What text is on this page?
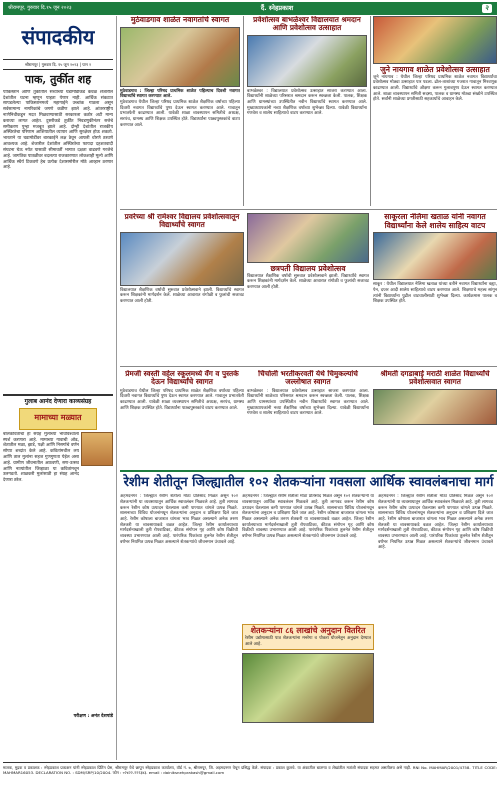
श्रीरामपूर, गुरुवार दि.१५ जून २०२३	दैं. स्नेहप्रकाश	२
संपादकीय
श्रीरामपूर | गुरुवार दि. १५ जून २०२३ | पान २
पाक, तुर्कीत शह
पाकिस्तान आणि तुर्कीतील सध्याच्या घडामोडींकडे केवळ शेजारील देशांतील घटना म्हणून पाहता येणार नाही. आर्थिक संकटात सापडलेल्या पाकिस्तानमध्ये महागाईने उच्चांक गाठला असून सर्वसामान्य नागरिकांचे जगणे कठीण झाले आहे. आंतरराष्ट्रीय नाणेनिधीकडून मदत मिळवण्यासाठी सरकारला कठोर अटी मान्य कराव्या लागत आहेत. दुसरीकडे तुर्कीत निवडणुकीनंतर सत्तेचे समीकरण पुन्हा मजबूत झाले आहे. दोन्ही देशांतील राजकीय अस्थिरतेचा परिणाम आशियातील व्यापार आणि सुरक्षेवर होऊ शकतो. भारताने या घडामोडींवर बारकाईने लक्ष ठेवून आपली धोरणे ठरवणे आवश्यक आहे. शेजारील देशांतील अस्थिरतेचा फायदा दहशतवादी संघटना घेऊ नयेत यासाठी सीमावर्ती भागात दक्षता वाढवणे गरजेचे आहे. जागतिक पातळीवर बदलत्या राजकारणात लोकशाही मूल्ये आणि आर्थिक स्थैर्य टिकवणे हेच प्रत्येक देशासमोरील मोठे आव्हान ठरणार आहे.
गुलाब आनंद देणारा काव्यसंग्रह
मामाच्या मळ्यात
बालकवितांचा हा संग्रह मुलांच्या भावविश्वाला स्पर्श करणारा आहे. मामाच्या गावाची ओढ, शेतातील मळा, झाडे, पक्षी आणि निसर्गाचे वर्णन सोप्या शब्दांत केले आहे. कवितांमधील लय आणि ताल मुलांना सहज गुणगुणता येईल असा आहे. ग्रामीण जीवनातील आठवणी, सण-उत्सव आणि नात्यांतील जिव्हाळा या कवितांमधून उलगडतो. शाळकरी मुलांसाठी हा संग्रह आनंद देणारा ठरेल.
परीक्षण : अनंत देशपांडे
मुठेवाडगाव शाळेत नवागतांचे स्वागत
मुठेवाडगाव : जिल्हा परिषद प्राथमिक शाळेत पहिल्याच दिवशी नवागत विद्यार्थ्यांचे स्वागत करण्यात आले.
मुठेवाडगाव येथील जिल्हा परिषद प्राथमिक शाळेत शैक्षणिक वर्षाच्या पहिल्या दिवशी नवागत विद्यार्थ्यांचे पुष्प देऊन स्वागत करण्यात आले. गावातून प्रभातफेरी काढण्यात आली. यावेळी शाळा व्यवस्थापन समितीचे अध्यक्ष, सरपंच, ग्रामस्थ आणि शिक्षक उपस्थित होते. विद्यार्थ्यांना पाठ्यपुस्तकांचे वाटप करण्यात आले.
प्रवेशोत्सव बाभळेश्वर विद्यालयात श्रमदान आणि प्रवेशोत्सव उत्साहात
बाभळेश्वर : विद्यालयात प्रवेशोत्सव उत्साहात साजरा करण्यात आला. विद्यार्थ्यांनी शाळेच्या परिसरात श्रमदान करून स्वच्छता केली. पालक, शिक्षक आणि ग्रामस्थांच्या उपस्थितीत नवीन विद्यार्थ्यांचे स्वागत करण्यात आले. मुख्याध्यापकांनी नव्या शैक्षणिक वर्षाच्या शुभेच्छा दिल्या. यावेळी विद्यार्थ्यांना गणवेश व शालेय साहित्याचे वाटप करण्यात आले.
जुने नायगाव शाळेत प्रवेशोत्सव उत्साहात
जुने नायगाव : येथील जिल्हा परिषद प्राथमिक शाळेत नवागत विद्यार्थ्यांचा प्रवेशोत्सव मोठ्या उत्साहात पार पडला. ढोल-ताशांच्या गजरात गावातून मिरवणूक काढण्यात आली. विद्यार्थ्यांचे औक्षण करून गुलाबपुष्प देऊन स्वागत करण्यात आले. शाळा व्यवस्थापन समिती सदस्य, पालक व ग्रामस्थ मोठ्या संख्येने उपस्थित होते. सर्वांनी शाळेच्या प्रगतीसाठी सहकार्याचे आवाहन केले.
प्रवरेच्या श्री रामेश्वर विद्यालय प्रवेशोत्सवातून विद्यार्थ्यांचे स्वागत
विद्यालयात शैक्षणिक वर्षाची सुरुवात प्रवेशोत्सवाने झाली. विद्यार्थ्यांचे स्वागत करून शिक्षकांनी मार्गदर्शन केले. शाळेच्या आवारात रांगोळी व फुलांची सजावट करण्यात आली होती.
छत्रपती विद्यालय प्रवेशोत्सव
विद्यालयात शैक्षणिक वर्षाची सुरुवात प्रवेशोत्सवाने झाली. विद्यार्थ्यांचे स्वागत करून शिक्षकांनी मार्गदर्शन केले. शाळेच्या आवारात रांगोळी व फुलांची सजावट करण्यात आली होती.
साकूरला नेलिमा खताळ यांनी नवागत विद्यार्थ्यांना केले शालेय साहित्य वाटप
साकूर : येथील विद्यालयात नेलिमा खताळ यांच्या वतीने नवागत विद्यार्थ्यांना वह्या, पेन, दप्तर आदी शालेय साहित्याचे वाटप करण्यात आले. शिक्षणाचे महत्त्व सांगून त्यांनी विद्यार्थ्यांना पुढील वाटचालीसाठी शुभेच्छा दिल्या. कार्यक्रमास पालक व शिक्षक उपस्थित होते.
प्रेमजी स्वस्ती वहेल स्कूलमध्ये वँग व पुस्तके देऊन विद्यार्थ्यांचे स्वागत
मुठेवाडगाव येथील जिल्हा परिषद प्राथमिक शाळेत शैक्षणिक वर्षाच्या पहिल्या दिवशी नवागत विद्यार्थ्यांचे पुष्प देऊन स्वागत करण्यात आले. गावातून प्रभातफेरी काढण्यात आली. यावेळी शाळा व्यवस्थापन समितीचे अध्यक्ष, सरपंच, ग्रामस्थ आणि शिक्षक उपस्थित होते. विद्यार्थ्यांना पाठ्यपुस्तकांचे वाटप करण्यात आले.
चिंचोली भरतीकरवर्ती येथे चिमुकल्यांचे जल्लोषात स्वागत
बाभळेश्वर : विद्यालयात प्रवेशोत्सव उत्साहात साजरा करण्यात आला. विद्यार्थ्यांनी शाळेच्या परिसरात श्रमदान करून स्वच्छता केली. पालक, शिक्षक आणि ग्रामस्थांच्या उपस्थितीत नवीन विद्यार्थ्यांचे स्वागत करण्यात आले. मुख्याध्यापकांनी नव्या शैक्षणिक वर्षाच्या शुभेच्छा दिल्या. यावेळी विद्यार्थ्यांना गणवेश व शालेय साहित्याचे वाटप करण्यात आले.
श्रीमती दगडाबाई मराठी शाळेत विद्यार्थ्यांचे प्रवेशोत्सवात स्वागत
रेशीम शेतीतून जिल्ह्यातील १०२ शेतकऱ्यांना गवसला आर्थिक स्वावलंबनाचा मार्ग
अहमदनगर : जिल्ह्यात रेशीम शेतीला मोठा प्रतिसाद मिळत असून १०२ शेतकऱ्यांनी या व्यवसायातून आर्थिक स्वावलंबन मिळवले आहे. तुती लागवड करून रेशीम कोष उत्पादन घेतल्यास कमी पाण्यात चांगले उत्पन्न मिळते. शासनाच्या विविध योजनांमधून शेतकऱ्यांना अनुदान व प्रशिक्षण दिले जात आहे. रेशीम कोषाला बाजारात चांगला भाव मिळत असल्याने अनेक तरुण शेतकरी या व्यवसायाकडे वळत आहेत. जिल्हा रेशीम कार्यालयाच्या मार्गदर्शनाखाली तुती रोपवाटिका, कीटक संगोपन गृह आणि कोष विक्रीची व्यवस्था उभारण्यात आली आहे. पारंपरिक पिकांच्या तुलनेत रेशीम शेतीतून वर्षभर नियमित उत्पन्न मिळत असल्याने शेतकऱ्यांचे जीवनमान उंचावले आहे.
अहमदनगर : जिल्ह्यात रेशीम शेतीला मोठा प्रतिसाद मिळत असून १०२ शेतकऱ्यांनी या व्यवसायातून आर्थिक स्वावलंबन मिळवले आहे. तुती लागवड करून रेशीम कोष उत्पादन घेतल्यास कमी पाण्यात चांगले उत्पन्न मिळते. शासनाच्या विविध योजनांमधून शेतकऱ्यांना अनुदान व प्रशिक्षण दिले जात आहे. रेशीम कोषाला बाजारात चांगला भाव मिळत असल्याने अनेक तरुण शेतकरी या व्यवसायाकडे वळत आहेत. जिल्हा रेशीम कार्यालयाच्या मार्गदर्शनाखाली तुती रोपवाटिका, कीटक संगोपन गृह आणि कोष विक्रीची व्यवस्था उभारण्यात आली आहे. पारंपरिक पिकांच्या तुलनेत रेशीम शेतीतून वर्षभर नियमित उत्पन्न मिळत असल्याने शेतकऱ्यांचे जीवनमान उंचावले आहे.
शेतकऱ्यांना ८६ लाखांचे अनुदान वितरित
रेशीम उद्योगासाठी पात्र शेतकऱ्यांना मनरेगा व पोकरा योजनेतून अनुदान देण्यात आले आहे.
अहमदनगर : जिल्ह्यात रेशीम शेतीला मोठा प्रतिसाद मिळत असून १०२ शेतकऱ्यांनी या व्यवसायातून आर्थिक स्वावलंबन मिळवले आहे. तुती लागवड करून रेशीम कोष उत्पादन घेतल्यास कमी पाण्यात चांगले उत्पन्न मिळते. शासनाच्या विविध योजनांमधून शेतकऱ्यांना अनुदान व प्रशिक्षण दिले जात आहे. रेशीम कोषाला बाजारात चांगला भाव मिळत असल्याने अनेक तरुण शेतकरी या व्यवसायाकडे वळत आहेत. जिल्हा रेशीम कार्यालयाच्या मार्गदर्शनाखाली तुती रोपवाटिका, कीटक संगोपन गृह आणि कोष विक्रीची व्यवस्था उभारण्यात आली आहे. पारंपरिक पिकांच्या तुलनेत रेशीम शेतीतून वर्षभर नियमित उत्पन्न मिळत असल्याने शेतकऱ्यांचे जीवनमान उंचावले आहे.
मालक, मुद्रक व प्रकाशक : स्नेहप्रकाश प्रकाशन यांनी स्नेहप्रकाश प्रिंटिंग प्रेस, श्रीरामपूर येथे छापून स्नेहप्रकाश कार्यालय, वॉर्ड नं. ७, श्रीरामपूर, जि. अहमदनगर येथून प्रसिद्ध केले. संपादक : प्रकाश कुलथे. या अंकातील बातम्या व लेखांतील मतांशी संपादक सहमत असतीलच असे नाही. RNI No. MAHMAR/2001/4758. TITLE CODE: MAHMAR16053. DECLARATION NO. : SDM/SRP/10/2004. फोन : ०२४२२-२२२३४३. email : dainiksnehprakash@gmail.com
